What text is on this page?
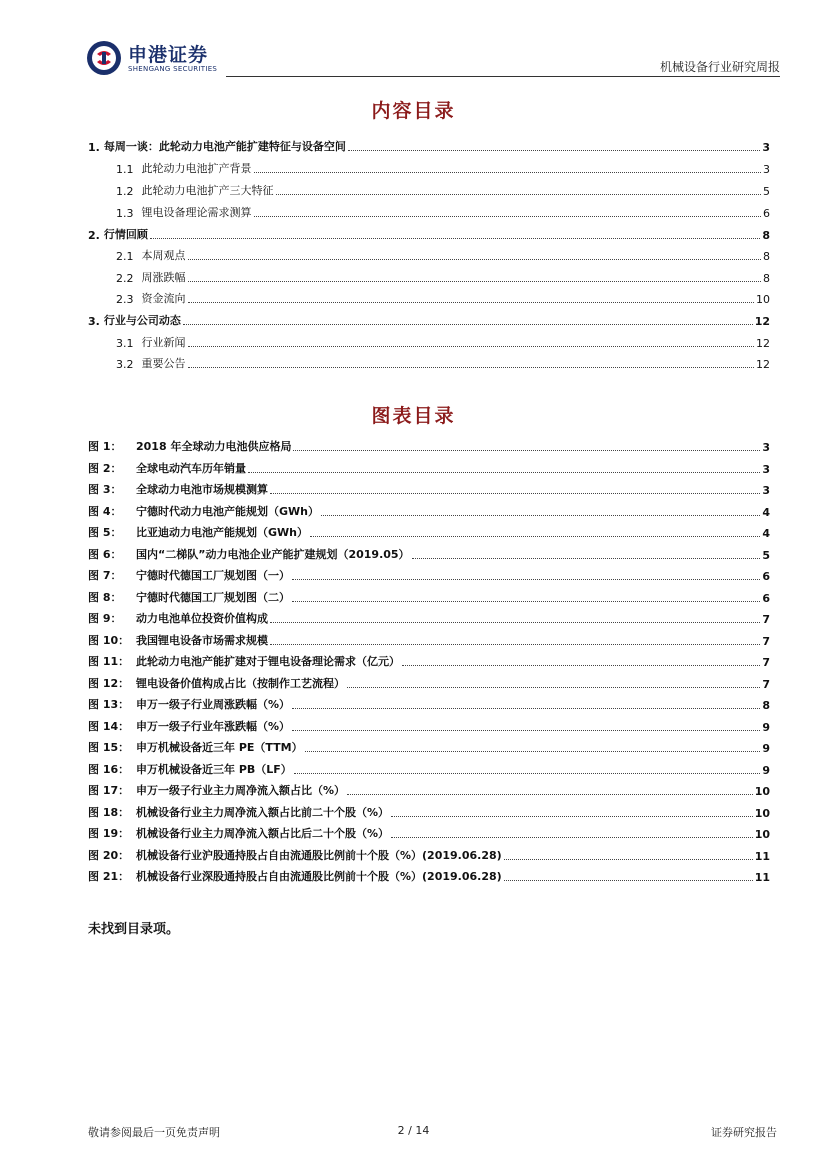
申港证券
SHENGANG SECURITIES	机械设备行业研究周报
内容目录
1. 每周一谈：此轮动力电池产能扩建特征与设备空间	3
1.1 此轮动力电池扩产背景	3
1.2 此轮动力电池扩产三大特征	5
1.3 锂电设备理论需求测算	6
2. 行情回顾	8
2.1 本周观点	8
2.2 周涨跌幅	8
2.3 资金流向	10
3. 行业与公司动态	12
3.1 行业新闻	12
3.2 重要公告	12
图表目录
图 1：	2018 年全球动力电池供应格局	3
图 2：	全球电动汽车历年销量	3
图 3：	全球动力电池市场规模测算	3
图 4：	宁德时代动力电池产能规划（GWh）	4
图 5：	比亚迪动力电池产能规划（GWh）	4
图 6：	国内“二梯队”动力电池企业产能扩建规划（2019.05）	5
图 7：	宁德时代德国工厂规划图（一）	6
图 8：	宁德时代德国工厂规划图（二）	6
图 9：	动力电池单位投资价值构成	7
图 10： 我国锂电设备市场需求规模	7
图 11： 此轮动力电池产能扩建对于锂电设备理论需求（亿元）	7
图 12： 锂电设备价值构成占比（按制作工艺流程）	7
图 13： 申万一级子行业周涨跌幅（%）	8
图 14： 申万一级子行业年涨跌幅（%）	9
图 15： 申万机械设备近三年 PE（TTM）	9
图 16： 申万机械设备近三年 PB（LF）	9
图 17： 申万一级子行业主力周净流入额占比（%）	10
图 18： 机械设备行业主力周净流入额占比前二十个股（%）	10
图 19： 机械设备行业主力周净流入额占比后二十个股（%）	10
图 20： 机械设备行业沪股通持股占自由流通股比例前十个股（%）(2019.06.28)	11
图 21： 机械设备行业深股通持股占自由流通股比例前十个股（%）(2019.06.28)	11
未找到目录项。
敬请参阅最后一页免责声明	2 / 14	证券研究报告
